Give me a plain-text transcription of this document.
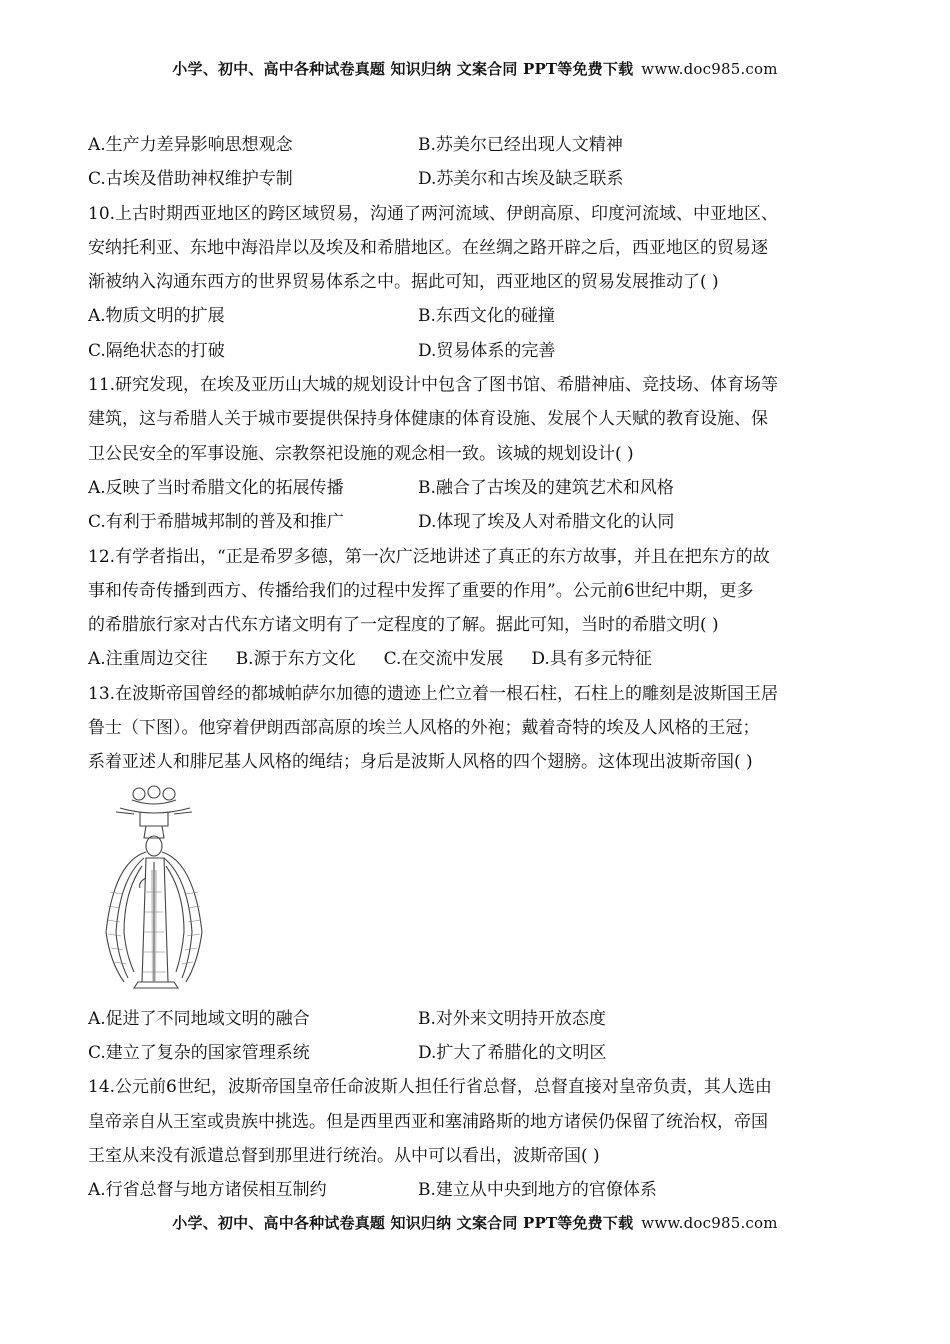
小学、初中、高中各种试卷真题 知识归纳 文案合同 PPT等免费下载 www.doc985.com
A.生产力差异影响思想观念	B.苏美尔已经出现人文精神
C.古埃及借助神权维护专制	D.苏美尔和古埃及缺乏联系
10.上古时期西亚地区的跨区域贸易，沟通了两河流域、伊朗高原、印度河流域、中亚地区、
安纳托利亚、东地中海沿岸以及埃及和希腊地区。在丝绸之路开辟之后，西亚地区的贸易逐
渐被纳入沟通东西方的世界贸易体系之中。据此可知，西亚地区的贸易发展推动了( )
A.物质文明的扩展	B.东西文化的碰撞
C.隔绝状态的打破	D.贸易体系的完善
11.研究发现，在埃及亚历山大城的规划设计中包含了图书馆、希腊神庙、竞技场、体育场等
建筑，这与希腊人关于城市要提供保持身体健康的体育设施、发展个人天赋的教育设施、保
卫公民安全的军事设施、宗教祭祀设施的观念相一致。该城的规划设计( )
A.反映了当时希腊文化的拓展传播	B.融合了古埃及的建筑艺术和风格
C.有利于希腊城邦制的普及和推广	D.体现了埃及人对希腊文化的认同
12.有学者指出，“正是希罗多德，第一次广泛地讲述了真正的东方故事，并且在把东方的故
事和传奇传播到西方、传播给我们的过程中发挥了重要的作用”。公元前6世纪中期，更多
的希腊旅行家对古代东方诸文明有了一定程度的了解。据此可知，当时的希腊文明( )
A.注重周边交往 B.源于东方文化 C.在交流中发展 D.具有多元特征
13.在波斯帝国曾经的都城帕萨尔加德的遗迹上伫立着一根石柱，石柱上的雕刻是波斯国王居
鲁士（下图）。他穿着伊朗西部高原的埃兰人风格的外袍；戴着奇特的埃及人风格的王冠；
系着亚述人和腓尼基人风格的绳结；身后是波斯人风格的四个翅膀。这体现出波斯帝国( )
A.促进了不同地域文明的融合	B.对外来文明持开放态度
C.建立了复杂的国家管理系统	D.扩大了希腊化的文明区
14.公元前6世纪，波斯帝国皇帝任命波斯人担任行省总督，总督直接对皇帝负责，其人选由
皇帝亲自从王室或贵族中挑选。但是西里西亚和塞浦路斯的地方诸侯仍保留了统治权，帝国
王室从来没有派遣总督到那里进行统治。从中可以看出，波斯帝国( )
A.行省总督与地方诸侯相互制约	B.建立从中央到地方的官僚体系
小学、初中、高中各种试卷真题 知识归纳 文案合同 PPT等免费下载 www.doc985.com
